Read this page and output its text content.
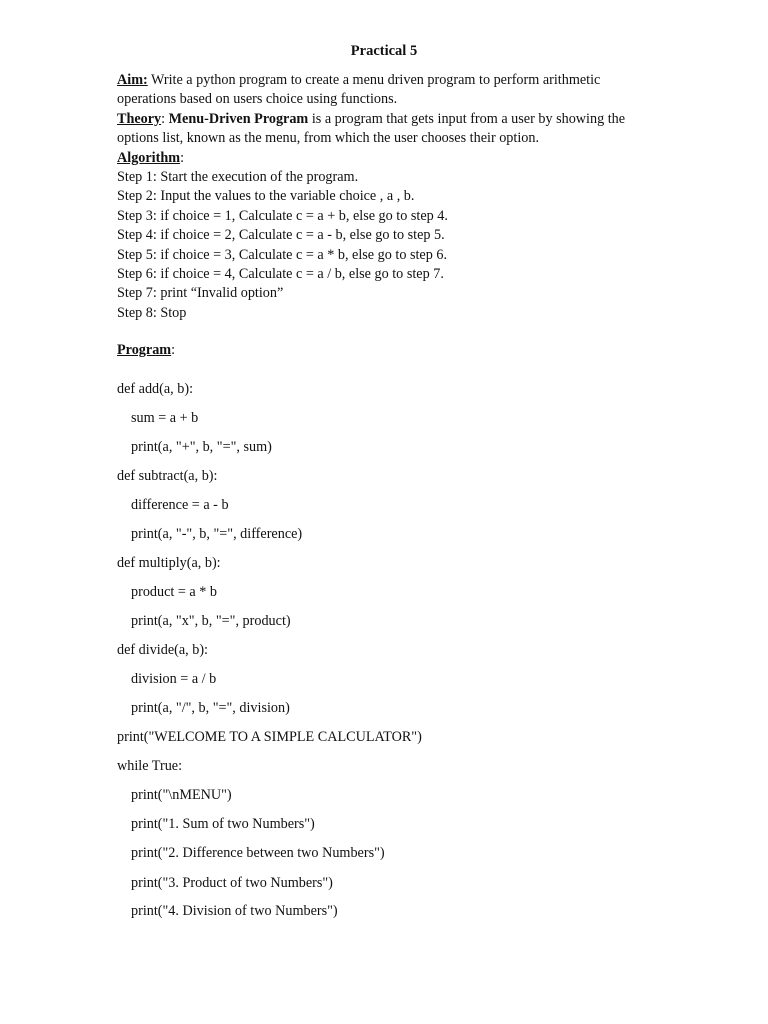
Practical 5

Aim: Write a python program to create a menu driven program to perform arithmetic

operations based on users choice using functions.

Theory: Menu-Driven Program is a program that gets input from a user by showing the

options list, known as the menu, from which the user chooses their option.

Algorithm:

Step 1: Start the execution of the program.

Step 2: Input the values to the variable choice , a , b.

Step 3: if choice = 1, Calculate c = a + b, else go to step 4.

Step 4: if choice = 2, Calculate c = a - b, else go to step 5.

Step 5: if choice = 3, Calculate c = a * b, else go to step 6.

Step 6: if choice = 4, Calculate c = a / b, else go to step 7.

Step 7: print “Invalid option”

Step 8: Stop

Program:
def add(a, b):
sum = a + b
print(a, "+", b, "=", sum)
def subtract(a, b):
difference = a - b
print(a, "-", b, "=", difference)
def multiply(a, b):
product = a * b
print(a, "x", b, "=", product)
def divide(a, b):
division = a / b
print(a, "/", b, "=", division)
print("WELCOME TO A SIMPLE CALCULATOR")
while True:
print("\nMENU")
print("1. Sum of two Numbers")
print("2. Difference between two Numbers")
print("3. Product of two Numbers")
print("4. Division of two Numbers")
